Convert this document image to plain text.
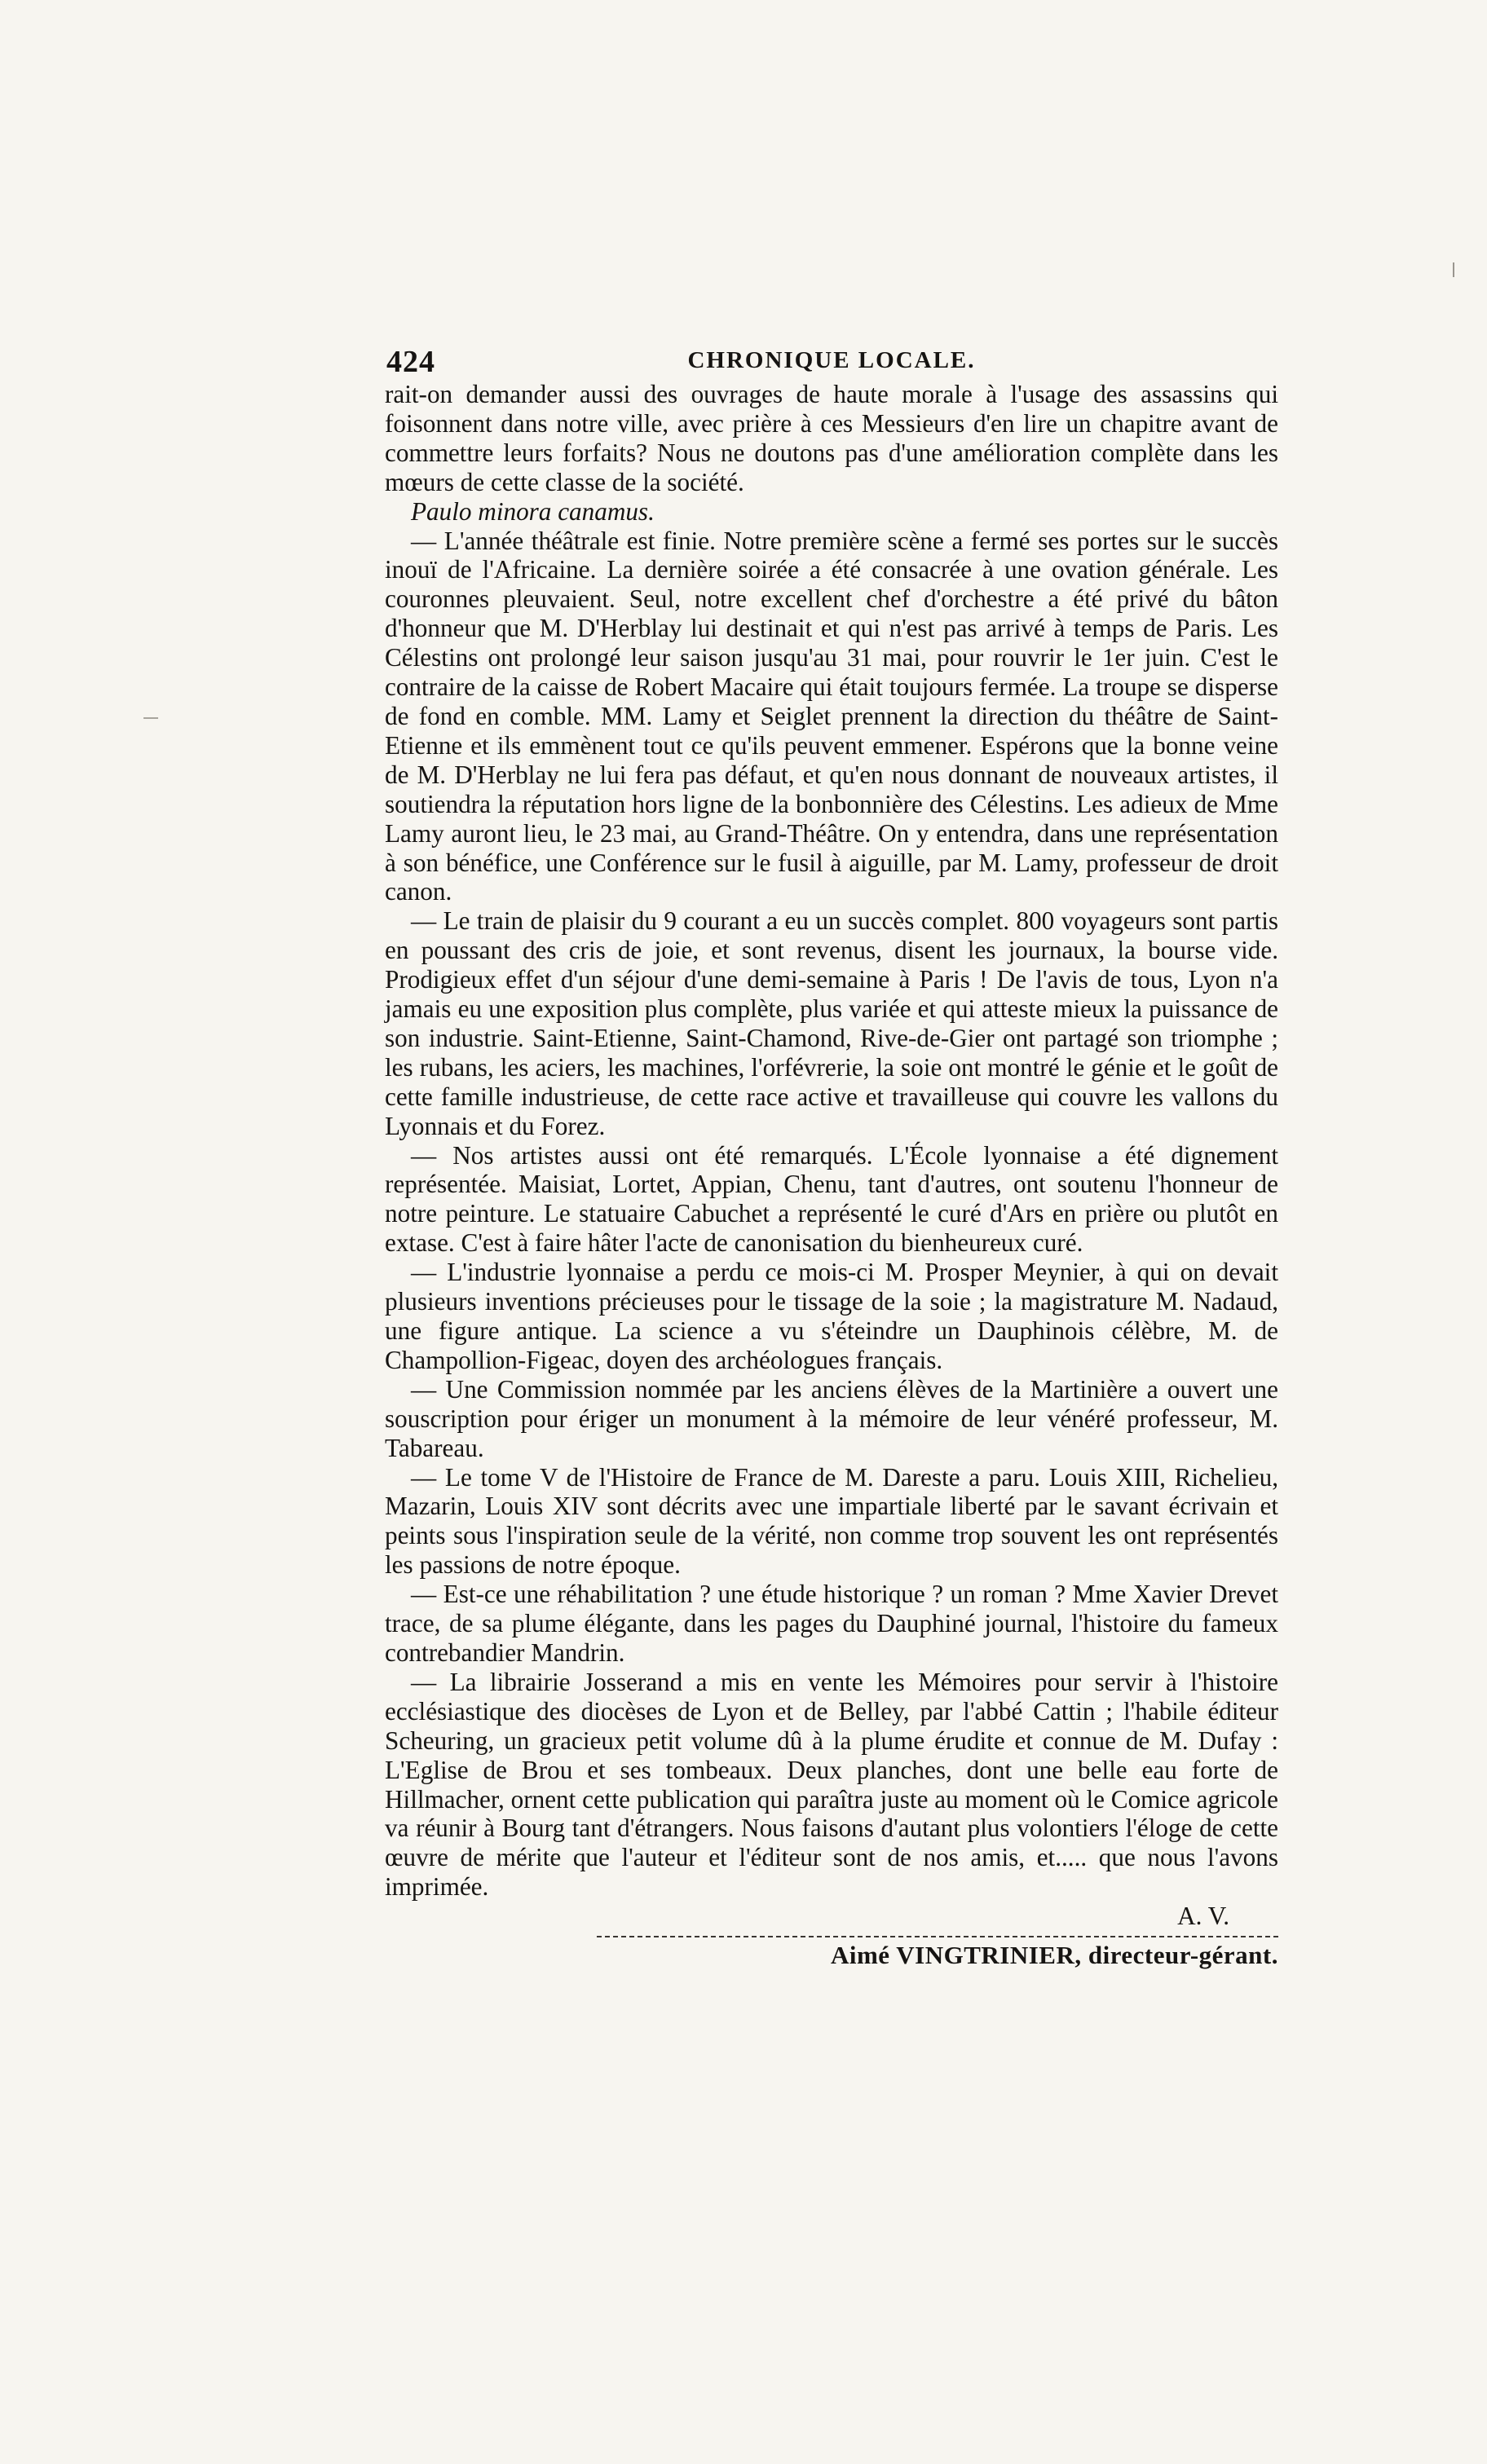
424	CHRONIQUE LOCALE.

rait-on demander aussi des ouvrages de haute morale à l'usage des assassins qui foisonnent dans notre ville, avec prière à ces Messieurs d'en lire un chapitre avant de commettre leurs forfaits? Nous ne doutons pas d'une amélioration complète dans les mœurs de cette classe de la société.

Paulo minora canamus.

— L'année théâtrale est finie. Notre première scène a fermé ses portes sur le succès inouï de l'Africaine. La dernière soirée a été consacrée à une ovation générale. Les couronnes pleuvaient. Seul, notre excellent chef d'orchestre a été privé du bâton d'honneur que M. D'Herblay lui destinait et qui n'est pas arrivé à temps de Paris. Les Célestins ont prolongé leur saison jusqu'au 31 mai, pour rouvrir le 1er juin. C'est le contraire de la caisse de Robert Macaire qui était toujours fermée. La troupe se disperse de fond en comble. MM. Lamy et Seiglet prennent la direction du théâtre de Saint-Etienne et ils emmènent tout ce qu'ils peuvent emmener. Espérons que la bonne veine de M. D'Herblay ne lui fera pas défaut, et qu'en nous donnant de nouveaux artistes, il soutiendra la réputation hors ligne de la bonbonnière des Célestins. Les adieux de Mme Lamy auront lieu, le 23 mai, au Grand-Théâtre. On y entendra, dans une représentation à son bénéfice, une Conférence sur le fusil à aiguille, par M. Lamy, professeur de droit canon.

— Le train de plaisir du 9 courant a eu un succès complet. 800 voyageurs sont partis en poussant des cris de joie, et sont revenus, disent les journaux, la bourse vide. Prodigieux effet d'un séjour d'une demi-semaine à Paris ! De l'avis de tous, Lyon n'a jamais eu une exposition plus complète, plus variée et qui atteste mieux la puissance de son industrie. Saint-Etienne, Saint-Chamond, Rive-de-Gier ont partagé son triomphe ; les rubans, les aciers, les machines, l'orfévrerie, la soie ont montré le génie et le goût de cette famille industrieuse, de cette race active et travailleuse qui couvre les vallons du Lyonnais et du Forez.

— Nos artistes aussi ont été remarqués. L'École lyonnaise a été dignement représentée. Maisiat, Lortet, Appian, Chenu, tant d'autres, ont soutenu l'honneur de notre peinture. Le statuaire Cabuchet a représenté le curé d'Ars en prière ou plutôt en extase. C'est à faire hâter l'acte de canonisation du bienheureux curé.

— L'industrie lyonnaise a perdu ce mois-ci M. Prosper Meynier, à qui on devait plusieurs inventions précieuses pour le tissage de la soie ; la magistrature M. Nadaud, une figure antique. La science a vu s'éteindre un Dauphinois célèbre, M. de Champollion-Figeac, doyen des archéologues français.

— Une Commission nommée par les anciens élèves de la Martinière a ouvert une souscription pour ériger un monument à la mémoire de leur vénéré professeur, M. Tabareau.

— Le tome V de l'Histoire de France de M. Dareste a paru. Louis XIII, Richelieu, Mazarin, Louis XIV sont décrits avec une impartiale liberté par le savant écrivain et peints sous l'inspiration seule de la vérité, non comme trop souvent les ont représentés les passions de notre époque.

— Est-ce une réhabilitation ? une étude historique ? un roman ? Mme Xavier Drevet trace, de sa plume élégante, dans les pages du Dauphiné journal, l'histoire du fameux contrebandier Mandrin.

— La librairie Josserand a mis en vente les Mémoires pour servir à l'histoire ecclésiastique des diocèses de Lyon et de Belley, par l'abbé Cattin ; l'habile éditeur Scheuring, un gracieux petit volume dû à la plume érudite et connue de M. Dufay : L'Eglise de Brou et ses tombeaux. Deux planches, dont une belle eau forte de Hillmacher, ornent cette publication qui paraîtra juste au moment où le Comice agricole va réunir à Bourg tant d'étrangers. Nous faisons d'autant plus volontiers l'éloge de cette œuvre de mérite que l'auteur et l'éditeur sont de nos amis, et..... que nous l'avons imprimée.

A. V.
Aimé VINGTRINIER, directeur-gérant.
